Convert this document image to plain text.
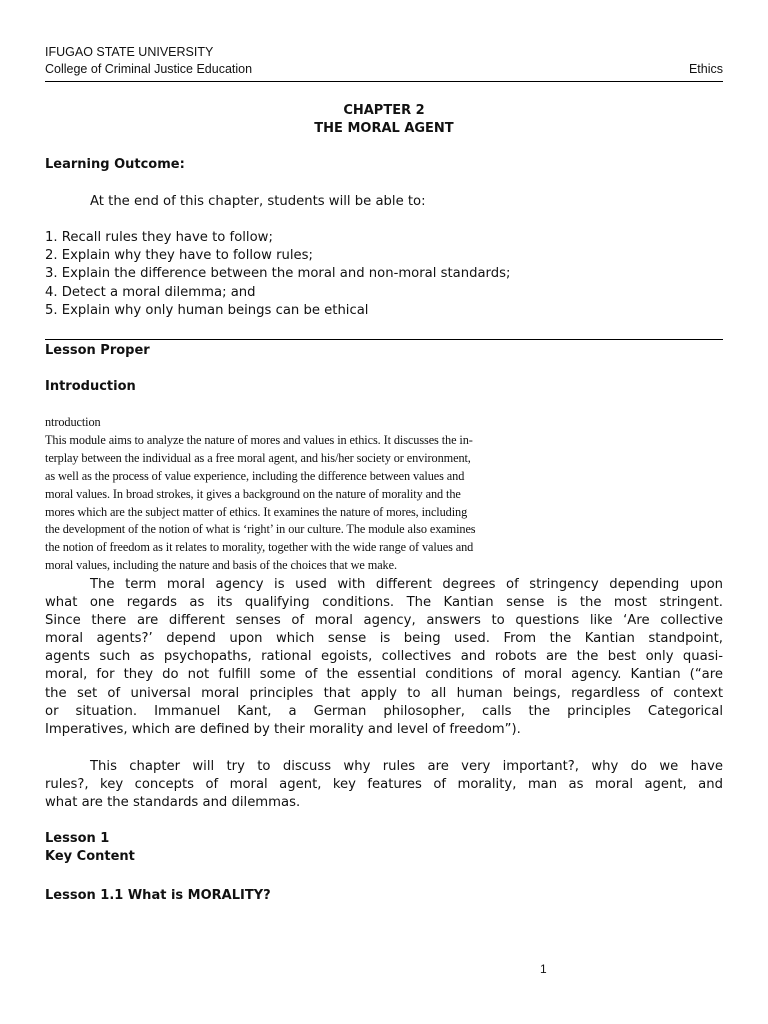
IFUGAO STATE UNIVERSITY
College of Criminal Justice Education	Ethics
CHAPTER 2
THE MORAL AGENT
Learning Outcome:
At the end of this chapter, students will be able to:
1. Recall rules they have to follow;
2. Explain why they have to follow rules;
3. Explain the difference between the moral and non-moral standards;
4. Detect a moral dilemma; and
5. Explain why only human beings can be ethical
Lesson Proper
Introduction
ntroduction
This module aims to analyze the nature of mores and values in ethics. It discusses the in-
terplay between the individual as a free moral agent, and his/her society or environment,
as well as the process of value experience, including the difference between values and
moral values. In broad strokes, it gives a background on the nature of morality and the
mores which are the subject matter of ethics. It examines the nature of mores, including
the development of the notion of what is ‘right’ in our culture. The module also examines
the notion of freedom as it relates to morality, together with the wide range of values and
moral values, including the nature and basis of the choices that we make.
The term moral agency is used with different degrees of stringency depending upon
what one regards as its qualifying conditions. The Kantian sense is the most stringent.
Since there are different senses of moral agency, answers to questions like ‘Are collective
moral agents?’ depend upon which sense is being used. From the Kantian standpoint,
agents such as psychopaths, rational egoists, collectives and robots are the best only quasi-
moral, for they do not fulfill some of the essential conditions of moral agency. Kantian (“are
the set of universal moral principles that apply to all human beings, regardless of context
or situation. Immanuel Kant, a German philosopher, calls the principles Categorical
Imperatives, which are defined by their morality and level of freedom”).
This chapter will try to discuss why rules are very important?, why do we have
rules?, key concepts of moral agent, key features of morality, man as moral agent, and
what are the standards and dilemmas.
Lesson 1
Key Content
Lesson 1.1 What is MORALITY?
1
